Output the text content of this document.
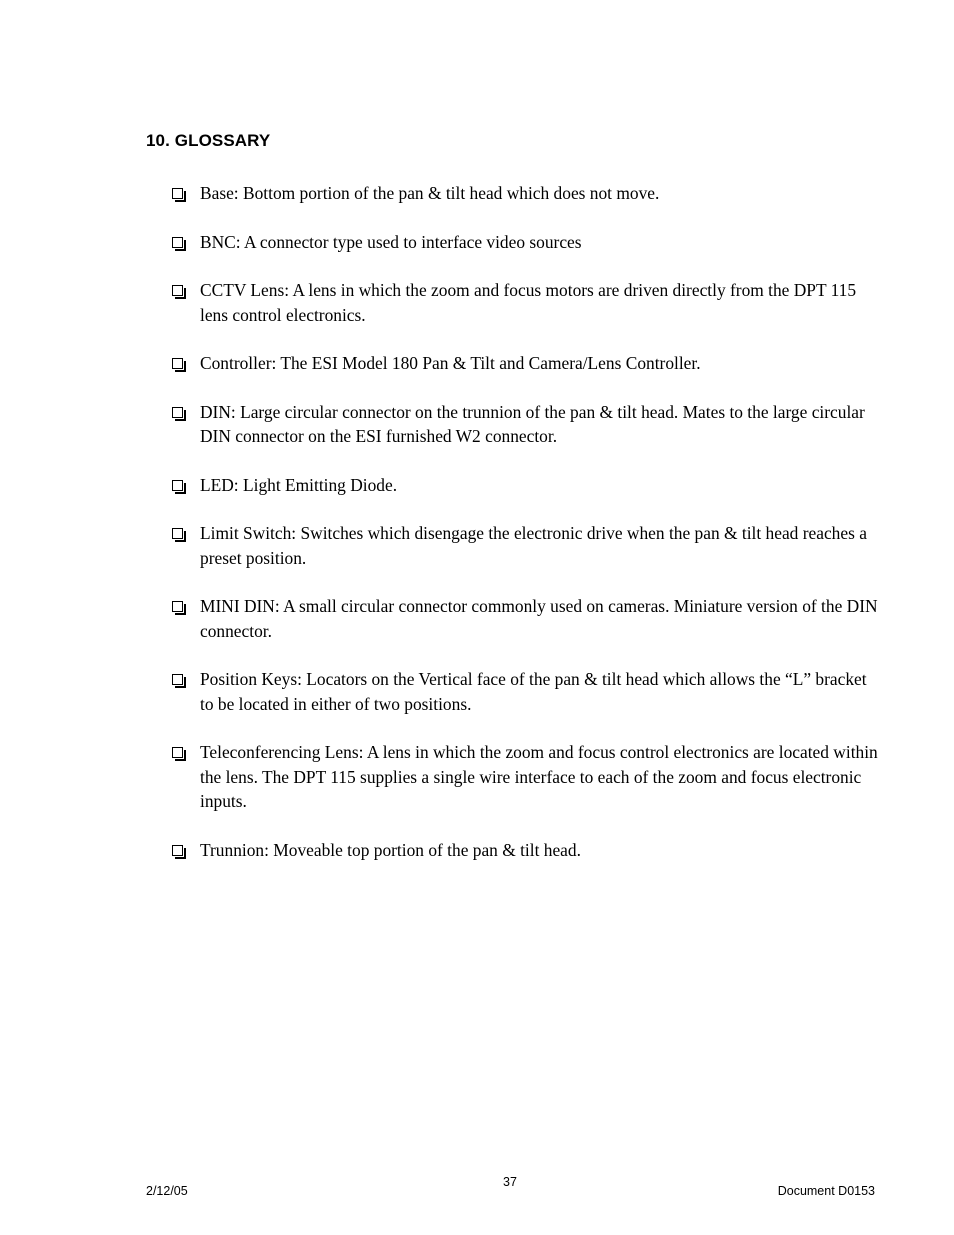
10. GLOSSARY
Base: Bottom portion of the pan & tilt head which does not move.
BNC: A connector type used to interface video sources
CCTV Lens: A lens in which the zoom and focus motors are driven directly from the DPT 115 lens control electronics.
Controller: The ESI Model 180 Pan & Tilt and Camera/Lens Controller.
DIN: Large circular connector on the trunnion of the pan & tilt head. Mates to the large circular DIN connector on the ESI furnished W2 connector.
LED: Light Emitting Diode.
Limit Switch: Switches which disengage the electronic drive when the pan & tilt head reaches a preset position.
MINI DIN: A small circular connector commonly used on cameras. Miniature version of the DIN connector.
Position Keys: Locators on the Vertical face of the pan & tilt head which allows the “L” bracket to be located in either of two positions.
Teleconferencing Lens: A lens in which the zoom and focus control electronics are located within the lens. The DPT 115 supplies a single wire interface to each of the zoom and focus electronic inputs.
Trunnion: Moveable top portion of the pan & tilt head.
2/12/05
37
Document D0153
